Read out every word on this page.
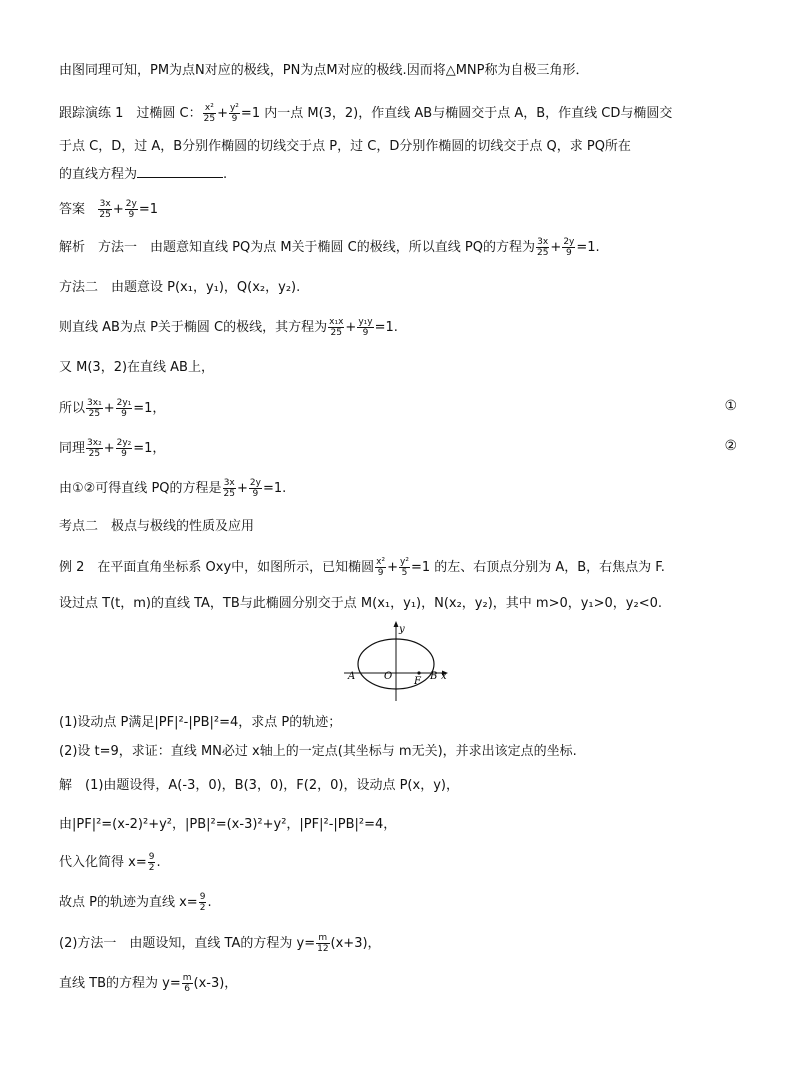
由图同理可知，PM为点N对应的极线，PN为点M对应的极线.因而将△MNP称为自极三角形．
跟踪演练 1　过椭圆 C： $\frac{\text{x²}}{25} + \frac{\text{y²}}{9} =1$ 内一点 M(3，2)，作直线 AB与椭圆交于点 A，B，作直线 CD与椭圆交
于点 C，D，过 A，B分别作椭圆的切线交于点 P，过 C，D分别作椭圆的切线交于点 Q，求 PQ所在
的直线方程为	.
答案 $\frac{3x}{25} + \frac{2y}{9} =1$
解析　方法一　由题意知直线 PQ为点 M关于椭圆 C的极线，所以直线 PQ的方程为 $\frac{3x}{25} + \frac{2y}{9} =1$.
方法二　由题意设 P(x₁，y₁)，Q(x₂，y₂).
则直线 AB为点 P关于椭圆 C的极线，其方程为 $\frac{\text{x₁x}}{25} + \frac{\text{y₁y}}{9} =1$.
又 M(3，2)在直线 AB上，
所以 $\frac{\text{3x₁}}{25} + \frac{\text{2y₁}}{9} =1$，	①
同理 $\frac{\text{3x₂}}{25} + \frac{\text{2y₂}}{9} =1$，	②
由①②可得直线 PQ的方程是 $\frac{3x}{25} + \frac{2y}{9} =1$.
考点二　极点与极线的性质及应用
例 2　在平面直角坐标系 Oxy中，如图所示，已知椭圆 $\frac{\text{x²}}{9} + \frac{\text{y²}}{5} =1$ 的左、右顶点分别为 A，B，右焦点为 F.
设过点 T(t，m)的直线 TA，TB与此椭圆分别交于点 M(x₁，y₁)，N(x₂，y₂)，其中 m>0，y₁>0，y₂<0.
y
x
A	O F B
(1)设动点 P满足|PF|²-|PB|²=4，求点 P的轨迹；
(2)设 t=9，求证：直线 MN必过 x轴上的一定点(其坐标与 m无关)，并求出该定点的坐标.
解　(1)由题设得，A(-3，0)，B(3，0)，F(2，0)，设动点 P(x，y)，
由|PF|²=(x-2)²+y²，|PB|²=(x-3)²+y²，|PF|²-|PB|²=4，
代入化简得 $x= \frac{9}{2}$ .
故点 P的轨迹为直线 $x= \frac{9}{2}$ .
(2)方法一　由题设知，直线 TA的方程为 $y= \frac{m}{12} (x+3)$，
直线 TB的方程为 $y= \frac{m}{6} (x-3)$，
